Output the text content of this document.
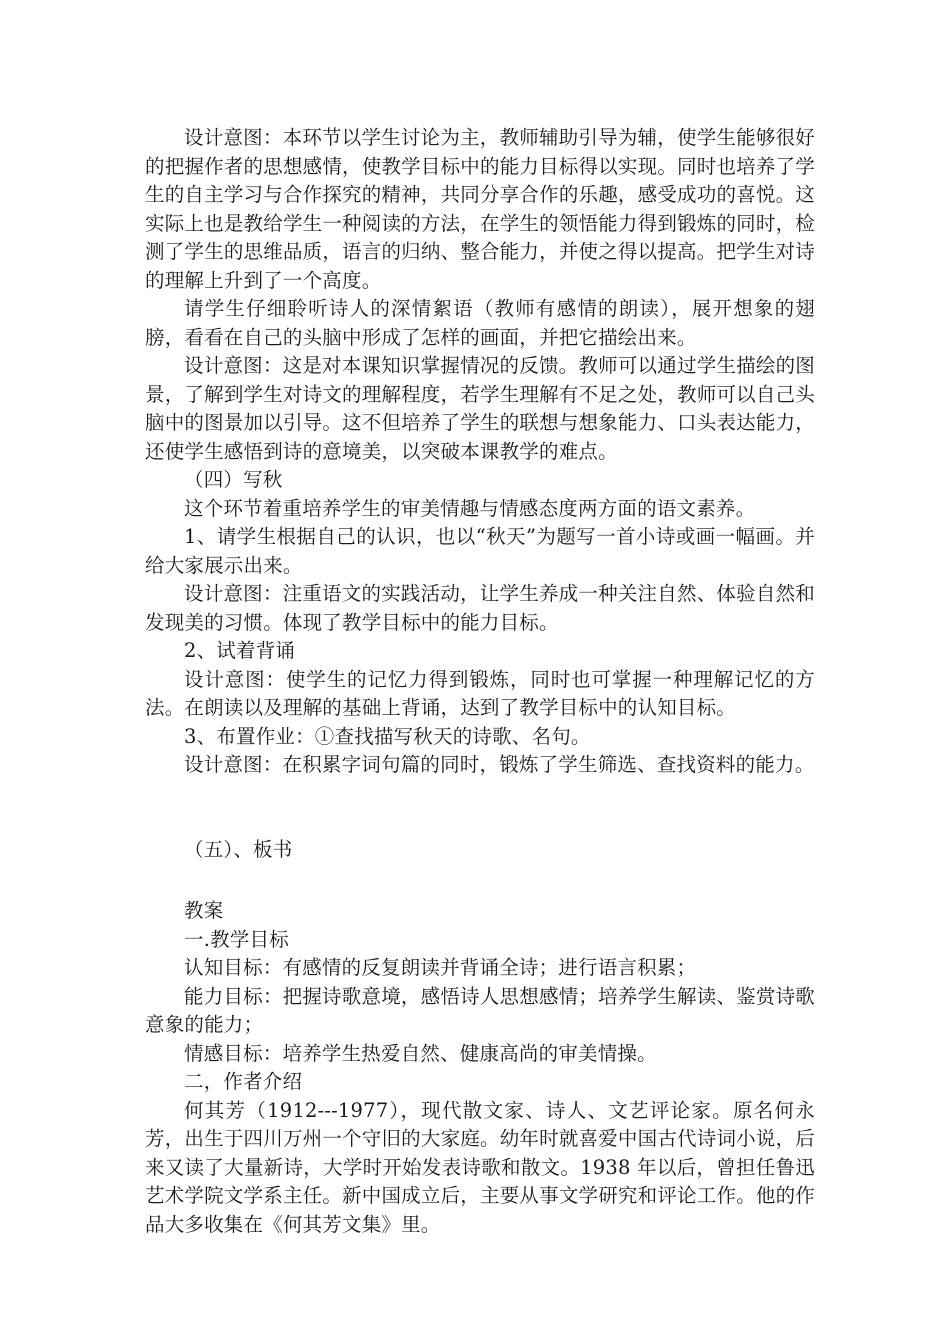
设计意图：本环节以学生讨论为主，教师辅助引导为辅，使学生能够很好的把握作者的思想感情，使教学目标中的能力目标得以实现。同时也培养了学生的自主学习与合作探究的精神，共同分享合作的乐趣，感受成功的喜悦。这实际上也是教给学生一种阅读的方法，在学生的领悟能力得到锻炼的同时，检测了学生的思维品质，语言的归纳、整合能力，并使之得以提高。把学生对诗的理解上升到了一个高度。

请学生仔细聆听诗人的深情絮语（教师有感情的朗读），展开想象的翅膀，看看在自己的头脑中形成了怎样的画面，并把它描绘出来。

设计意图：这是对本课知识掌握情况的反馈。教师可以通过学生描绘的图景，了解到学生对诗文的理解程度，若学生理解有不足之处，教师可以自己头脑中的图景加以引导。这不但培养了学生的联想与想象能力、口头表达能力，还使学生感悟到诗的意境美，以突破本课教学的难点。

（四）写秋

这个环节着重培养学生的审美情趣与情感态度两方面的语文素养。

1、请学生根据自己的认识，也以“秋天”为题写一首小诗或画一幅画。并给大家展示出来。

设计意图：注重语文的实践活动，让学生养成一种关注自然、体验自然和发现美的习惯。体现了教学目标中的能力目标。

2、试着背诵

设计意图：使学生的记忆力得到锻炼，同时也可掌握一种理解记忆的方法。在朗读以及理解的基础上背诵，达到了教学目标中的认知目标。

3、布置作业：①查找描写秋天的诗歌、名句。

设计意图：在积累字词句篇的同时，锻炼了学生筛选、查找资料的能力。

（五）、板书

教案

一.教学目标

认知目标：有感情的反复朗读并背诵全诗；进行语言积累；

能力目标：把握诗歌意境，感悟诗人思想感情；培养学生解读、鉴赏诗歌意象的能力；

情感目标：培养学生热爱自然、健康高尚的审美情操。

二，作者介绍

何其芳（1912---1977），现代散文家、诗人、文艺评论家。原名何永芳，出生于四川万州一个守旧的大家庭。幼年时就喜爱中国古代诗词小说，后来又读了大量新诗，大学时开始发表诗歌和散文。1938 年以后，曾担任鲁迅艺术学院文学系主任。新中国成立后，主要从事文学研究和评论工作。他的作品大多收集在《何其芳文集》里。
